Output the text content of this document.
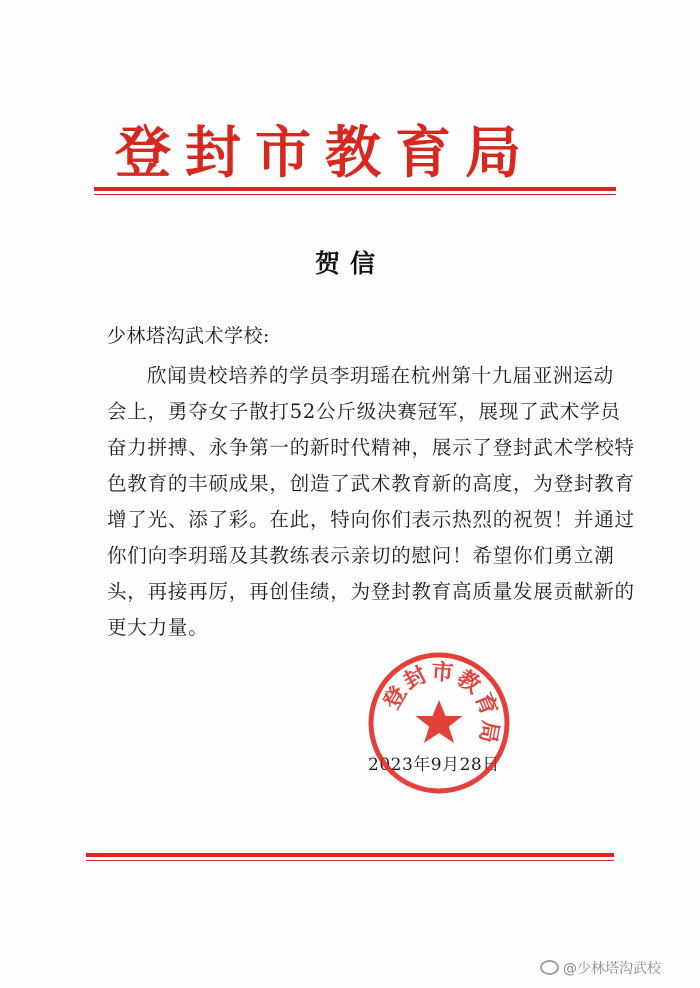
登封市教育局
贺信
少林塔沟武术学校:
欣闻贵校培养的学员李玥瑶在杭州第十九届亚洲运动
会上，勇夺女子散打52公斤级决赛冠军，展现了武术学员
奋力拼搏、永争第一的新时代精神，展示了登封武术学校特
色教育的丰硕成果，创造了武术教育新的高度，为登封教育
增了光、添了彩。在此，特向你们表示热烈的祝贺！并通过
你们向李玥瑶及其教练表示亲切的慰问！希望你们勇立潮
头，再接再厉，再创佳绩，为登封教育高质量发展贡献新的
更大力量。
2023年9月28日
登
封 市
教
育
局
@少林塔沟武校
